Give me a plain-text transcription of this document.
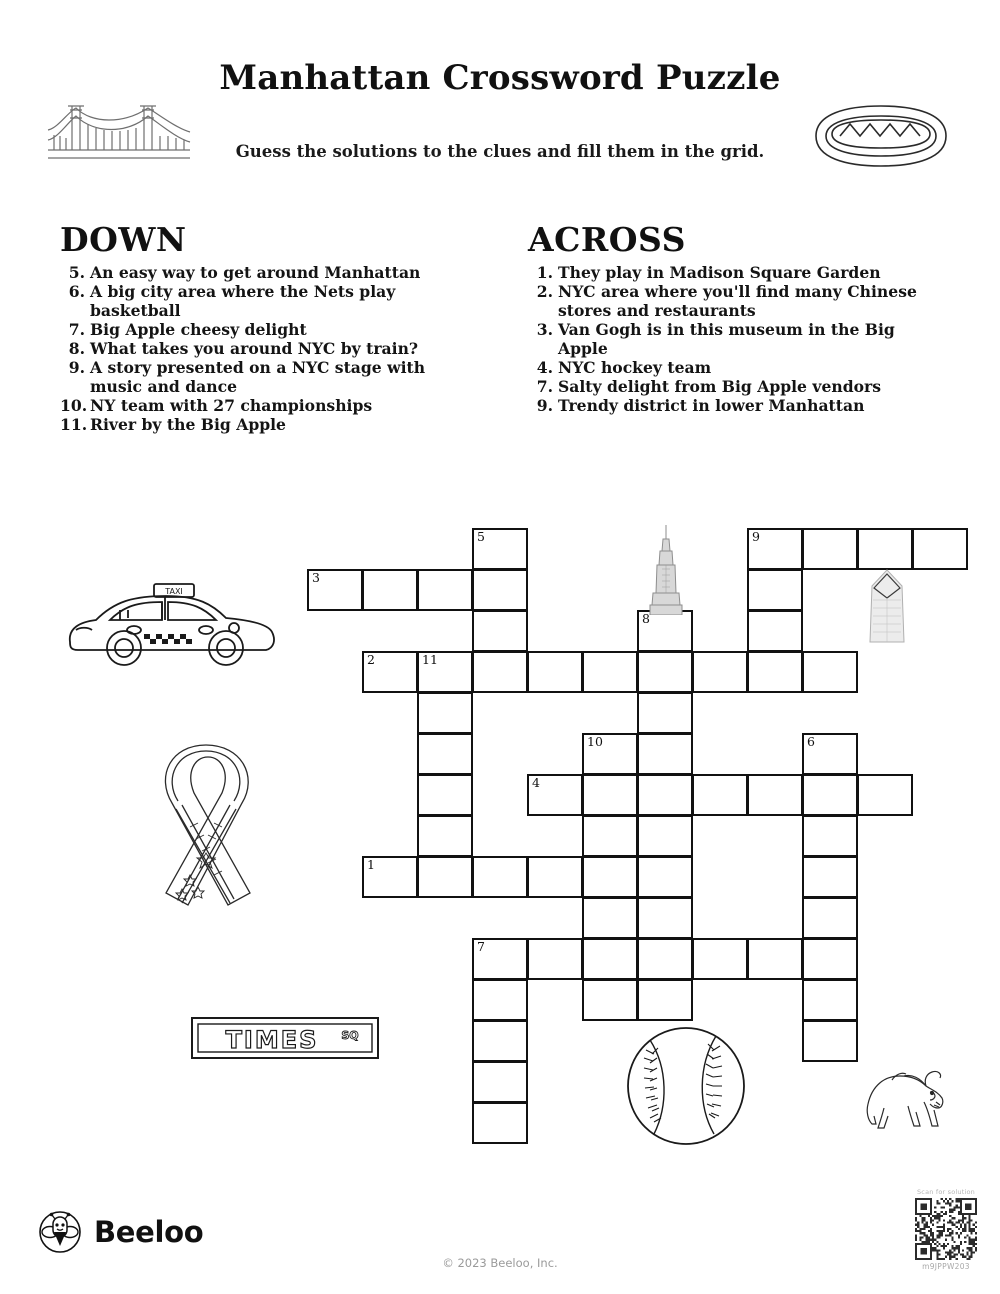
Manhattan Crossword Puzzle
Guess the solutions to the clues and fill them in the grid.
DOWN
5. An easy way to get around Manhattan
6. A big city area where the Nets play basketball
7. Big Apple cheesy delight
8. What takes you around NYC by train?
9. A story presented on a NYC stage with music and dance
10. NY team with 27 championships
11. River by the Big Apple
ACROSS
1. They play in Madison Square Garden
2. NYC area where you'll find many Chinese stores and restaurants
3. Van Gogh is in this museum in the Big Apple
4. NYC hockey team
7. Salty delight from Big Apple vendors
9. Trendy district in lower Manhattan
5	9
3
8
2	11
10	6
4
1
7
TAXI
TIMES SQ
Beeloo
© 2023 Beeloo, Inc.
Scan for solution
m9JPPW203
